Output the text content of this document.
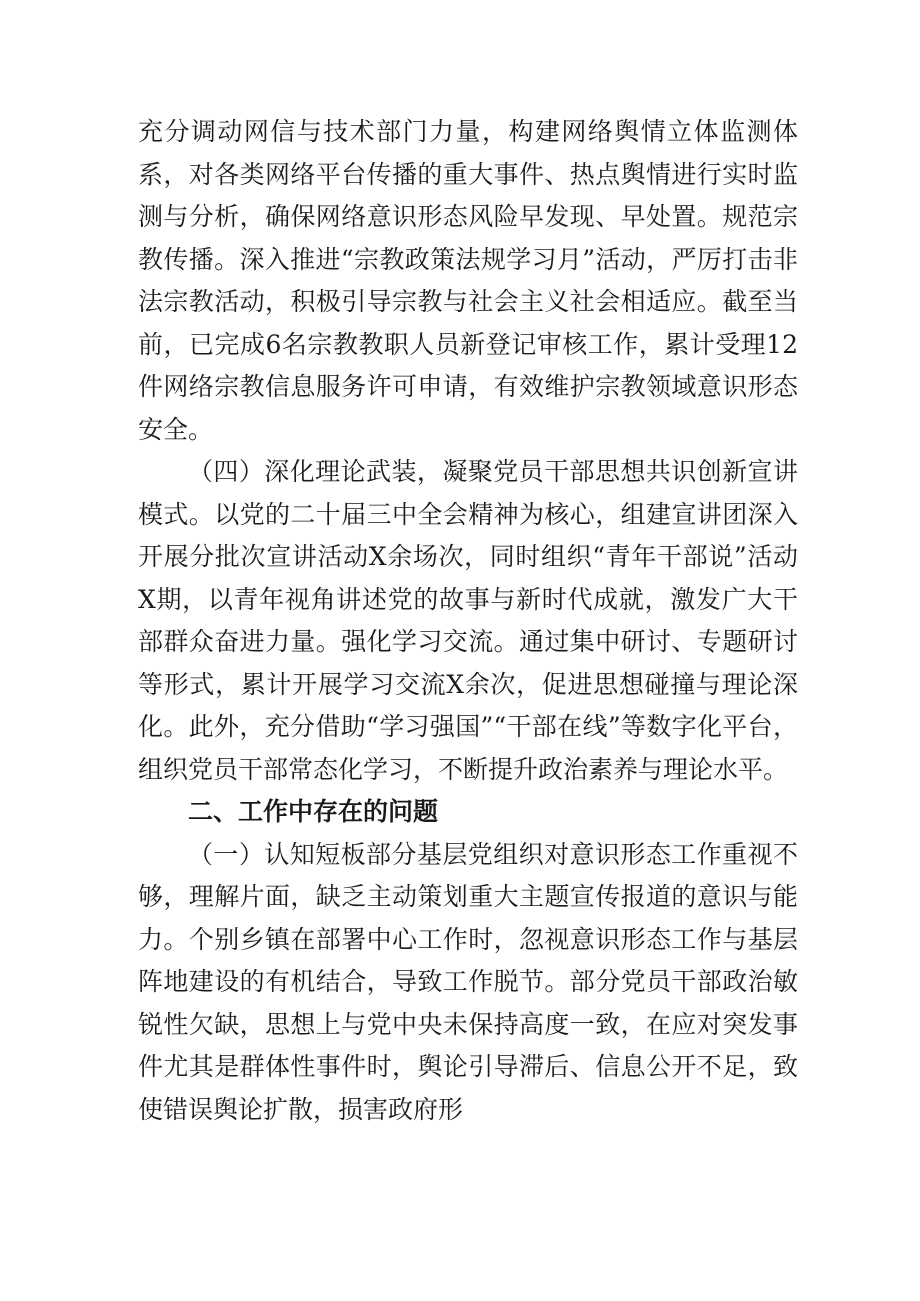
充分调动网信与技术部门力量，构建网络舆情立体监测体系，对各类网络平台传播的重大事件、热点舆情进行实时监测与分析，确保网络意识形态风险早发现、早处置。规范宗教传播。深入推进“宗教政策法规学习月”活动，严厉打击非法宗教活动，积极引导宗教与社会主义社会相适应。截至当前，已完成6名宗教教职人员新登记审核工作，累计受理12件网络宗教信息服务许可申请，有效维护宗教领域意识形态安全。

（四）深化理论武装，凝聚党员干部思想共识创新宣讲模式。以党的二十届三中全会精神为核心，组建宣讲团深入开展分批次宣讲活动X余场次，同时组织“青年干部说”活动X期，以青年视角讲述党的故事与新时代成就，激发广大干部群众奋进力量。强化学习交流。通过集中研讨、专题研讨等形式，累计开展学习交流X余次，促进思想碰撞与理论深化。此外，充分借助“学习强国”“干部在线”等数字化平台，组织党员干部常态化学习，不断提升政治素养与理论水平。

二、工作中存在的问题

（一）认知短板部分基层党组织对意识形态工作重视不够，理解片面，缺乏主动策划重大主题宣传报道的意识与能力。个别乡镇在部署中心工作时，忽视意识形态工作与基层阵地建设的有机结合，导致工作脱节。部分党员干部政治敏锐性欠缺，思想上与党中央未保持高度一致，在应对突发事件尤其是群体性事件时，舆论引导滞后、信息公开不足，致使错误舆论扩散，损害政府形
